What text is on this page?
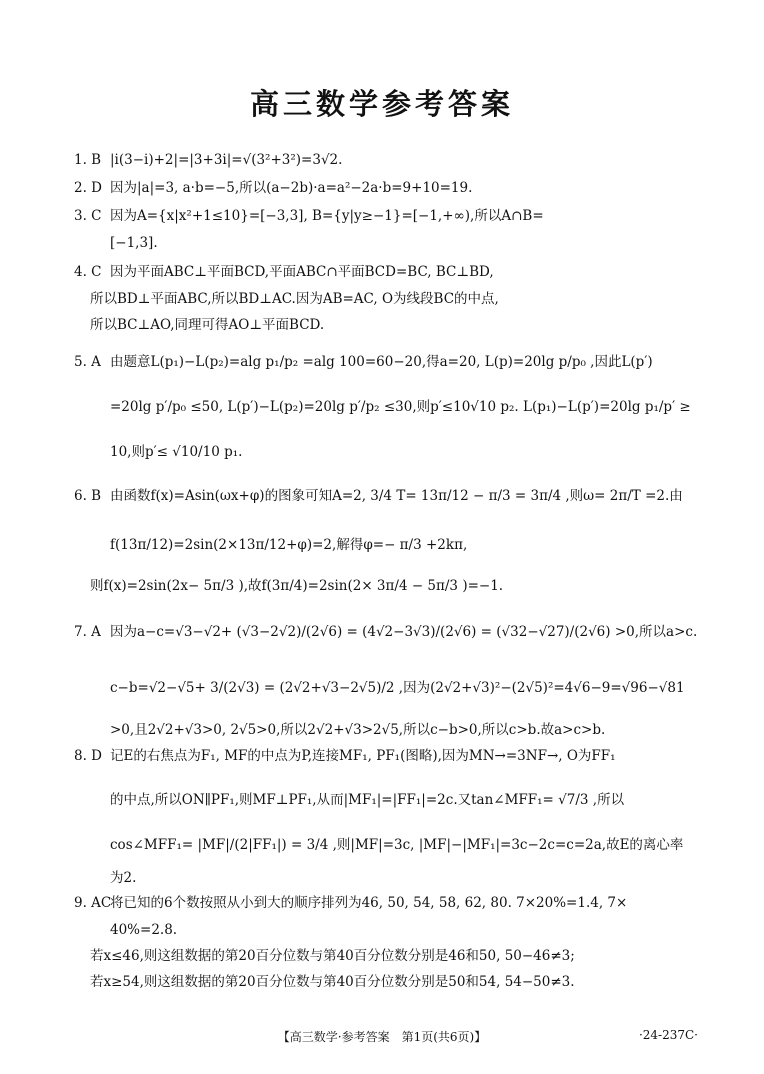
高三数学参考答案
1. B |i(3−i)+2|=|3+3i|=√(3²+3²)=3√2.
2. D 因为|a|=3, a·b=−5,所以(a−2b)·a=a²−2a·b=9+10=19.
3. C 因为A={x|x²+1≤10}=[−3,3], B={y|y≥−1}=[−1,+∞),所以A∩B=
[−1,3].
4. C 因为平面ABC⊥平面BCD,平面ABC∩平面BCD=BC, BC⊥BD,
所以BD⊥平面ABC,所以BD⊥AC.因为AB=AC, O为线段BC的中点,
所以BC⊥AO,同理可得AO⊥平面BCD.
5. A 由题意L(p₁)−L(p₂)=alg p₁/p₂ =alg 100=60−20,得a=20, L(p)=20lg p/p₀ ,因此L(p′)
=20lg p′/p₀ ≤50, L(p′)−L(p₂)=20lg p′/p₂ ≤30,则p′≤10√10 p₂. L(p₁)−L(p′)=20lg p₁/p′ ≥
10,则p′≤ √10/10 p₁.
6. B 由函数f(x)=Asin(ωx+φ)的图象可知A=2, 3/4 T= 13π/12 − π/3 = 3π/4 ,则ω= 2π/T =2.由
f(13π/12)=2sin(2×13π/12+φ)=2,解得φ=− π/3 +2kπ,
则f(x)=2sin(2x− 5π/3 ),故f(3π/4)=2sin(2× 3π/4 − 5π/3 )=−1.
7. A 因为a−c=√3−√2+ (√3−2√2)/(2√6) = (4√2−3√3)/(2√6) = (√32−√27)/(2√6) >0,所以a>c.
c−b=√2−√5+ 3/(2√3) = (2√2+√3−2√5)/2 ,因为(2√2+√3)²−(2√5)²=4√6−9=√96−√81
>0,且2√2+√3>0, 2√5>0,所以2√2+√3>2√5,所以c−b>0,所以c>b.故a>c>b.
8. D 记E的右焦点为F₁, MF的中点为P,连接MF₁, PF₁(图略),因为MN→=3NF→, O为FF₁
的中点,所以ON∥PF₁,则MF⊥PF₁,从而|MF₁|=|FF₁|=2c.又tan∠MFF₁= √7/3 ,所以
cos∠MFF₁= |MF|/(2|FF₁|) = 3/4 ,则|MF|=3c, |MF|−|MF₁|=3c−2c=c=2a,故E的离心率
为2.
9. AC将已知的6个数按照从小到大的顺序排列为46, 50, 54, 58, 62, 80. 7×20%=1.4, 7×
40%=2.8.
若x≤46,则这组数据的第20百分位数与第40百分位数分别是46和50, 50−46≠3;
若x≥54,则这组数据的第20百分位数与第40百分位数分别是50和54, 54−50≠3.
【高三数学·参考答案　第1页(共6页)】	·24-237C·
